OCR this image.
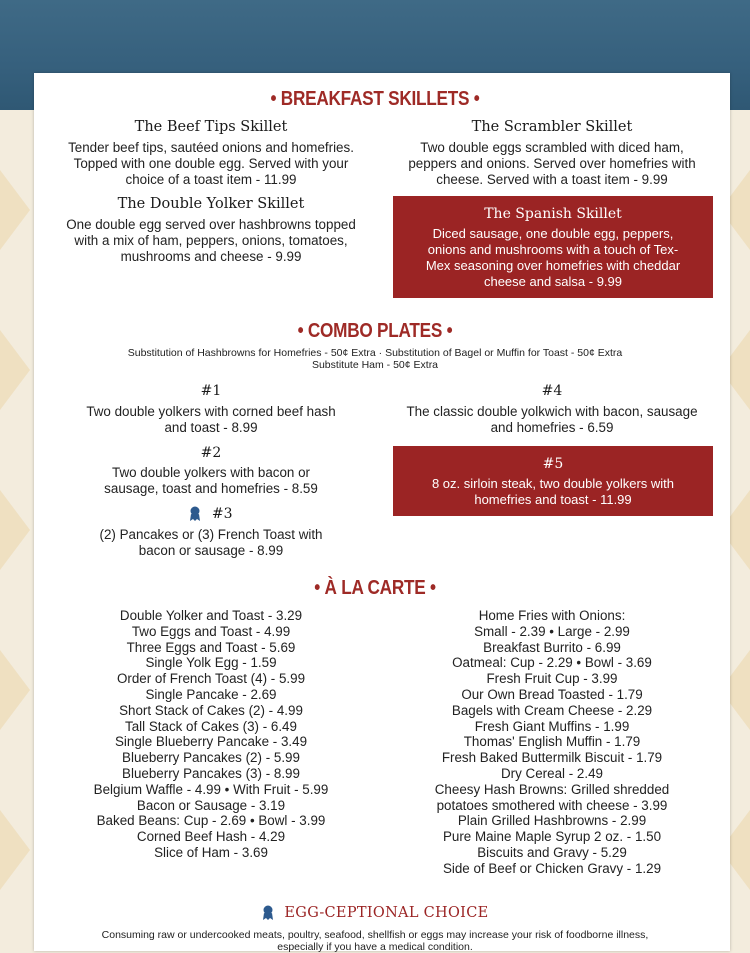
• BREAKFAST SKILLETS •
The Beef Tips Skillet
Tender beef tips, sautéed onions and homefries.
Topped with one double egg. Served with your
choice of a toast item - 11.99
The Scrambler Skillet
Two double eggs scrambled with diced ham,
peppers and onions. Served over homefries with
cheese. Served with a toast item - 9.99
The Double Yolker Skillet
One double egg served over hashbrowns topped
with a mix of ham, peppers, onions, tomatoes,
mushrooms and cheese - 9.99
The Spanish Skillet
Diced sausage, one double egg, peppers,
onions and mushrooms with a touch of Tex-
Mex seasoning over homefries with cheddar
cheese and salsa - 9.99
• COMBO PLATES •
Substitution of Hashbrowns for Homefries - 50¢ Extra · Substitution of Bagel or Muffin for Toast - 50¢ Extra
Substitute Ham - 50¢ Extra
#1
Two double yolkers with corned beef hash
and toast - 8.99
#2
Two double yolkers with bacon or
sausage, toast and homefries - 8.59
#3
(2) Pancakes or (3) French Toast with
bacon or sausage - 8.99
#4
The classic double yolkwich with bacon, sausage
and homefries - 6.59
#5
8 oz. sirloin steak, two double yolkers with
homefries and toast - 11.99
• À LA CARTE •
Double Yolker and Toast - 3.29
Two Eggs and Toast - 4.99
Three Eggs and Toast - 5.69
Single Yolk Egg - 1.59
Order of French Toast (4) - 5.99
Single Pancake - 2.69
Short Stack of Cakes (2) - 4.99
Tall Stack of Cakes (3) - 6.49
Single Blueberry Pancake - 3.49
Blueberry Pancakes (2) - 5.99
Blueberry Pancakes (3) - 8.99
Belgium Waffle - 4.99 • With Fruit - 5.99
Bacon or Sausage - 3.19
Baked Beans: Cup - 2.69 • Bowl - 3.99
Corned Beef Hash - 4.29
Slice of Ham - 3.69
Home Fries with Onions:
Small - 2.39 • Large - 2.99
Breakfast Burrito - 6.99
Oatmeal: Cup - 2.29 • Bowl - 3.69
Fresh Fruit Cup - 3.99
Our Own Bread Toasted - 1.79
Bagels with Cream Cheese - 2.29
Fresh Giant Muffins - 1.99
Thomas' English Muffin - 1.79
Fresh Baked Buttermilk Biscuit - 1.79
Dry Cereal - 2.49
Cheesy Hash Browns: Grilled shredded
potatoes smothered with cheese - 3.99
Plain Grilled Hashbrowns - 2.99
Pure Maine Maple Syrup 2 oz. - 1.50
Biscuits and Gravy - 5.29
Side of Beef or Chicken Gravy - 1.29
EGG-CEPTIONAL CHOICE
Consuming raw or undercooked meats, poultry, seafood, shellfish or eggs may increase your risk of foodborne illness,
especially if you have a medical condition.
